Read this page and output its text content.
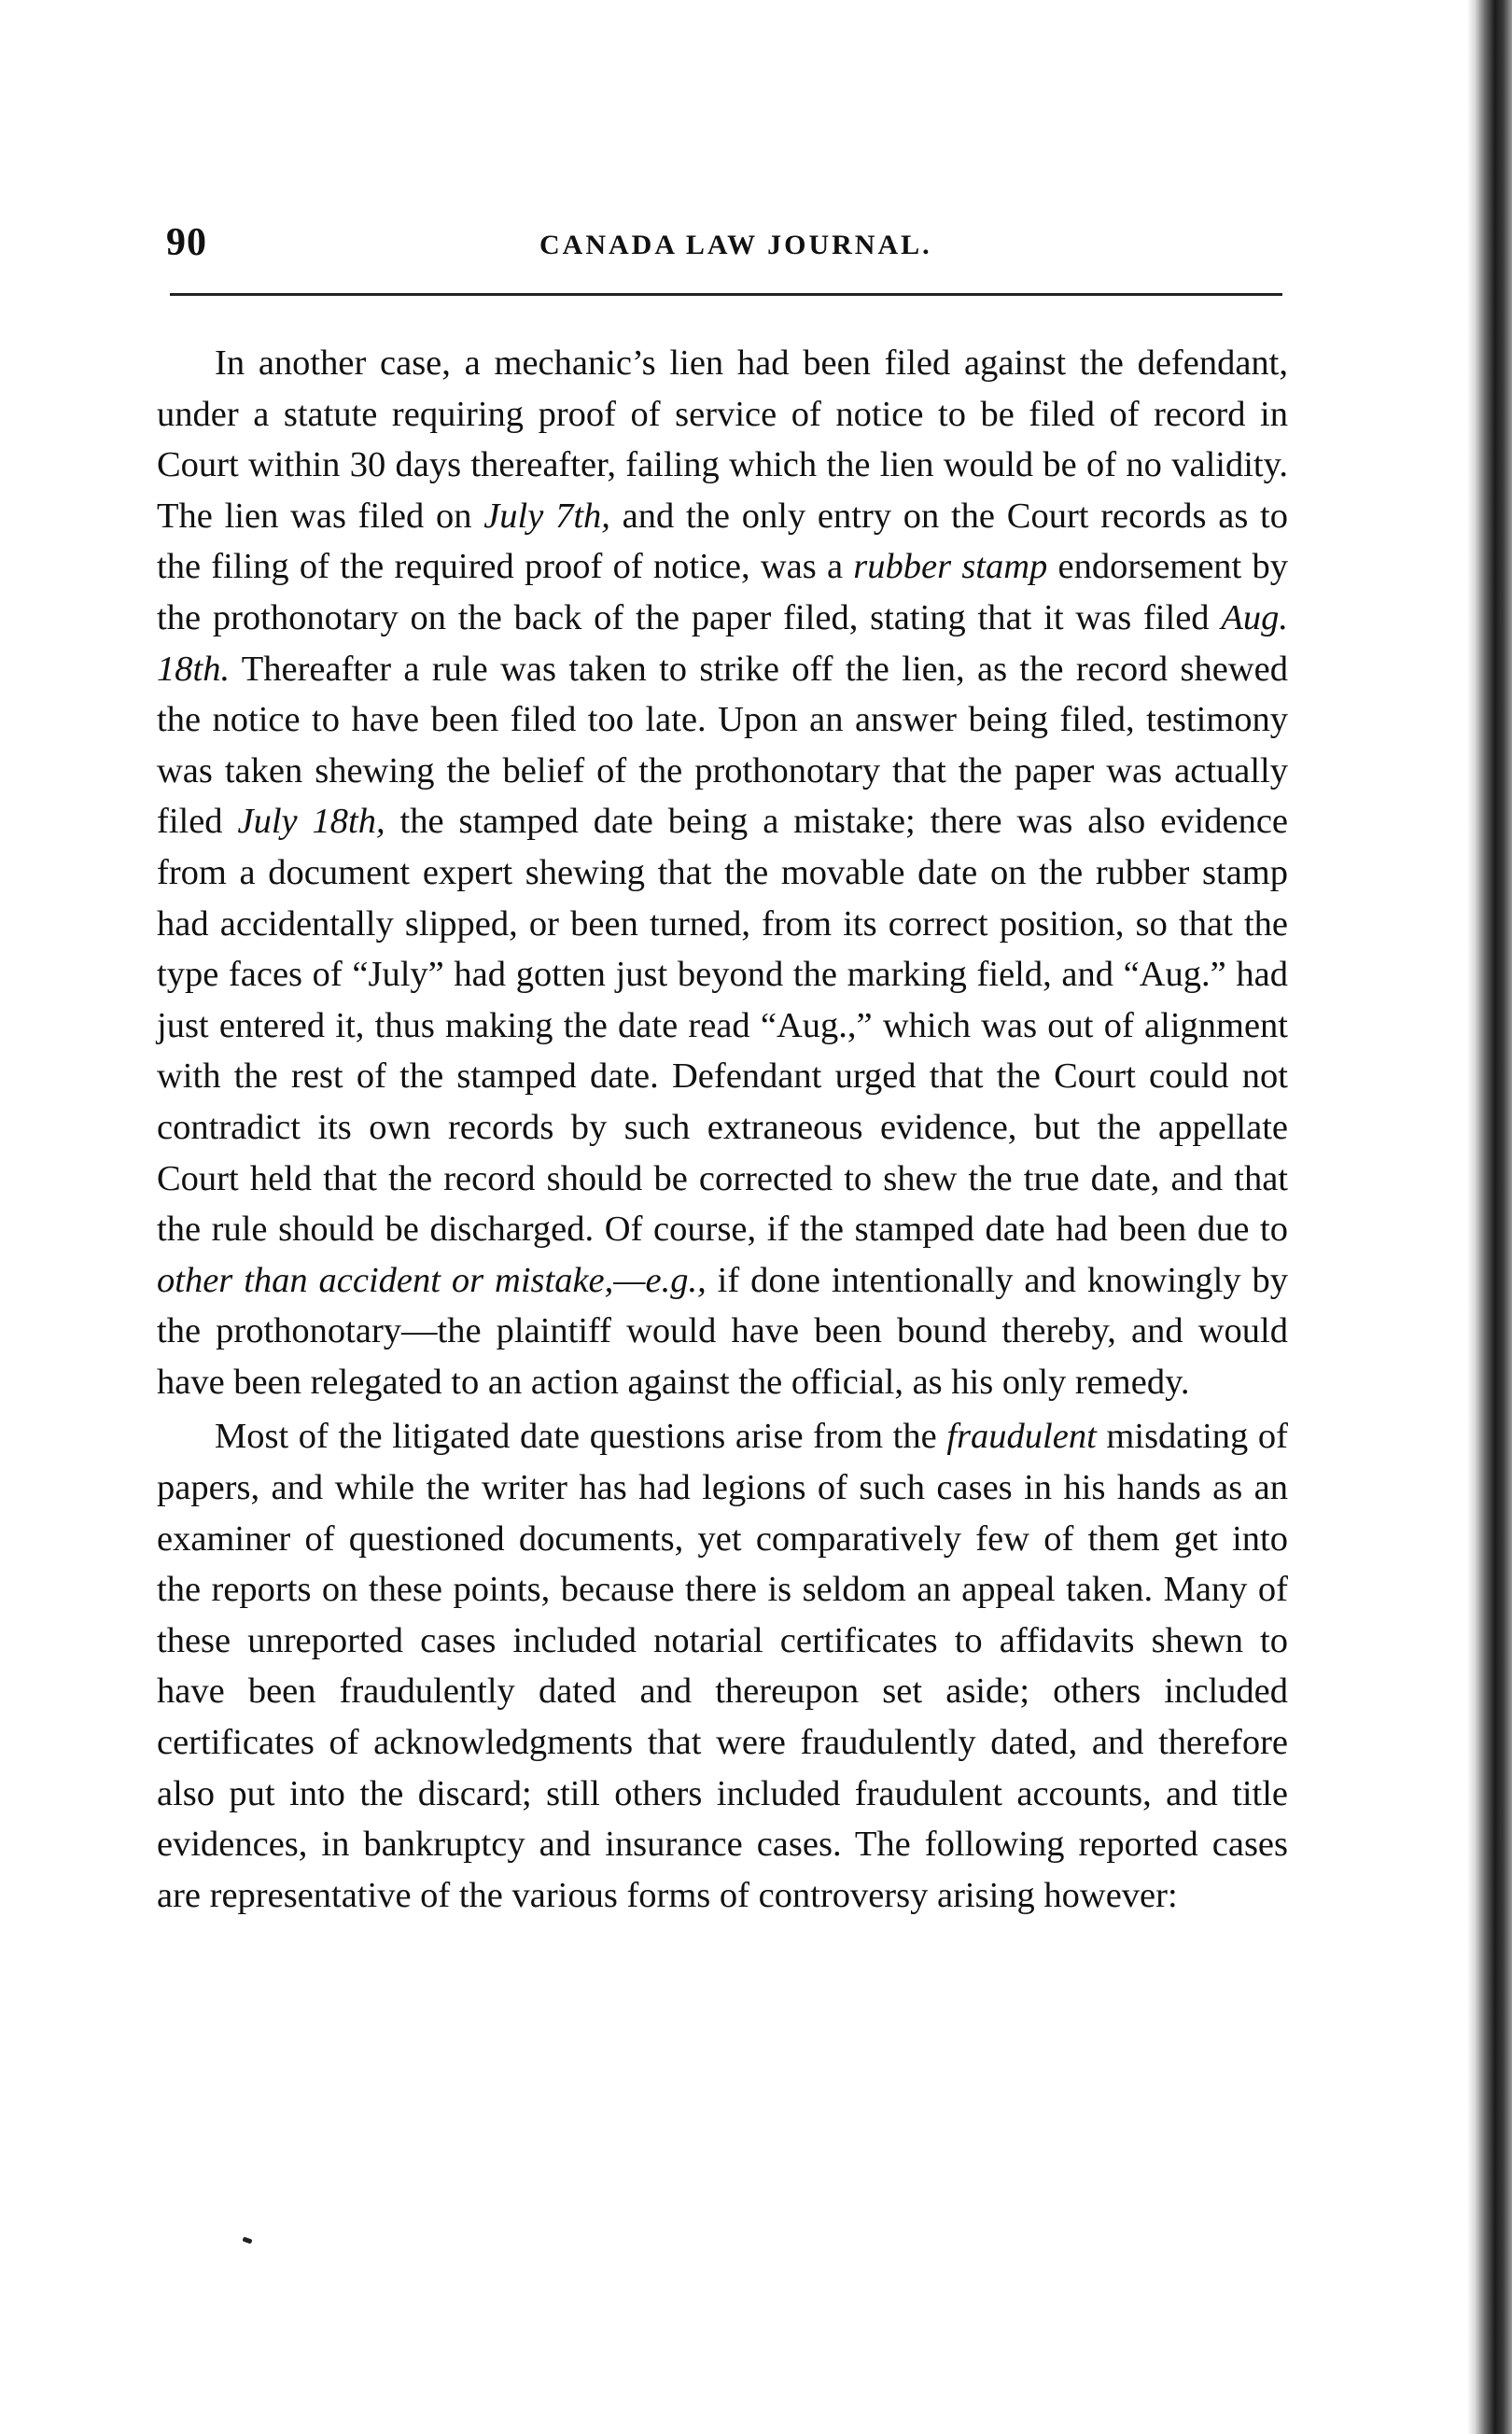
90	CANADA LAW JOURNAL.

In another case, a mechanic’s lien had been filed against the defendant, under a statute requiring proof of service of notice to be filed of record in Court within 30 days thereafter, failing which the lien would be of no validity. The lien was filed on July 7th, and the only entry on the Court records as to the filing of the required proof of notice, was a rubber stamp endorsement by the prothonotary on the back of the paper filed, stating that it was filed Aug. 18th. Thereafter a rule was taken to strike off the lien, as the record shewed the notice to have been filed too late. Upon an answer being filed, testimony was taken shewing the belief of the prothonotary that the paper was actually filed July 18th, the stamped date being a mistake; there was also evidence from a document expert shewing that the movable date on the rubber stamp had accidentally slipped, or been turned, from its correct position, so that the type faces of “July” had gotten just beyond the marking field, and “Aug.” had just entered it, thus making the date read “Aug.,” which was out of alignment with the rest of the stamped date. Defendant urged that the Court could not contradict its own records by such extraneous evidence, but the appellate Court held that the record should be corrected to shew the true date, and that the rule should be discharged. Of course, if the stamped date had been due to other than accident or mistake,—e.g., if done intentionally and knowingly by the prothonotary—the plaintiff would have been bound thereby, and would have been relegated to an action against the official, as his only remedy.

Most of the litigated date questions arise from the fraudulent misdating of papers, and while the writer has had legions of such cases in his hands as an examiner of questioned documents, yet comparatively few of them get into the reports on these points, because there is seldom an appeal taken. Many of these unreported cases included notarial certificates to affidavits shewn to have been fraudulently dated and thereupon set aside; others included certificates of acknowledgments that were fraudulently dated, and therefore also put into the discard; still others included fraudulent accounts, and title evidences, in bankruptcy and insurance cases. The following reported cases are representative of the various forms of controversy arising however:
